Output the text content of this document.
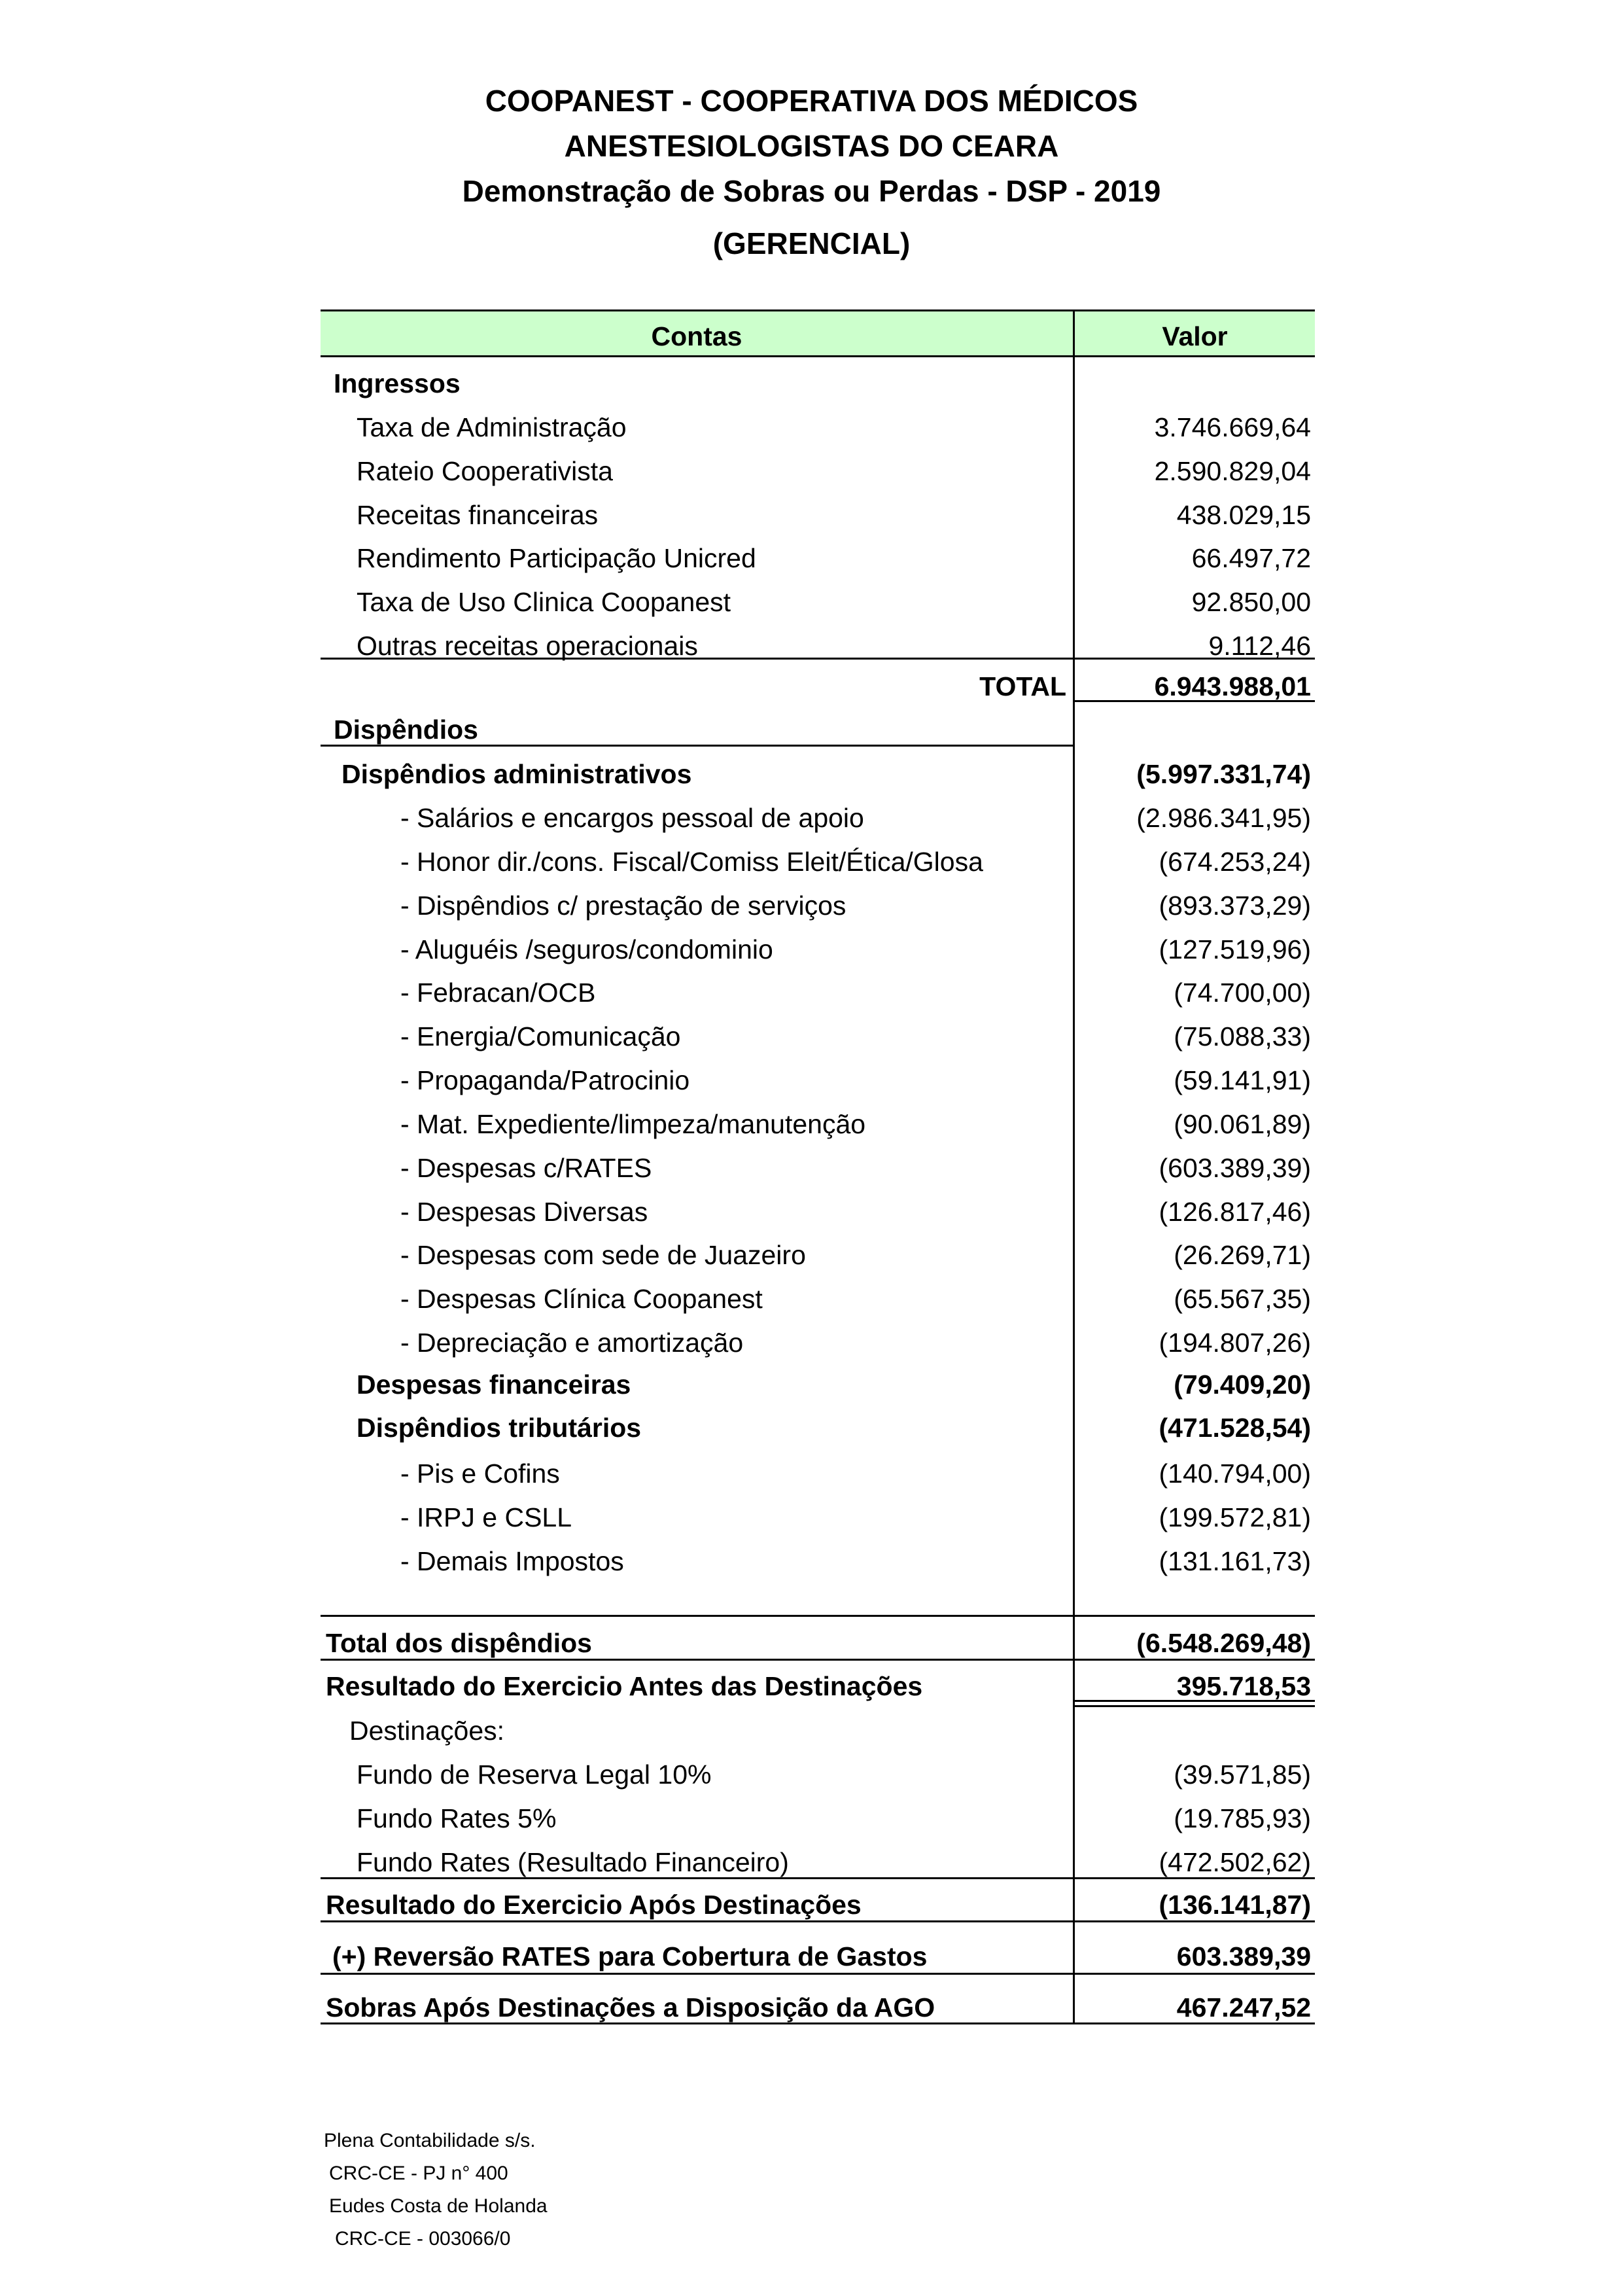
COOPANEST - COOPERATIVA DOS MÉDICOS
ANESTESIOLOGISTAS DO CEARA
Demonstração de Sobras ou Perdas - DSP - 2019
(GERENCIAL)
Contas	Valor
Ingressos
Taxa de Administração	3.746.669,64
Rateio Cooperativista	2.590.829,04
Receitas financeiras	438.029,15
Rendimento Participação Unicred	66.497,72
Taxa de Uso Clinica Coopanest	92.850,00
Outras receitas operacionais	9.112,46
TOTAL	6.943.988,01
Dispêndios
Dispêndios administrativos	(5.997.331,74)
- Salários e encargos pessoal de apoio	(2.986.341,95)
- Honor dir./cons. Fiscal/Comiss Eleit/Ética/Glosa	(674.253,24)
- Dispêndios c/ prestação de serviços	(893.373,29)
- Aluguéis /seguros/condominio	(127.519,96)
- Febracan/OCB	(74.700,00)
- Energia/Comunicação	(75.088,33)
- Propaganda/Patrocinio	(59.141,91)
- Mat. Expediente/limpeza/manutenção	(90.061,89)
- Despesas c/RATES	(603.389,39)
- Despesas Diversas	(126.817,46)
- Despesas com sede de Juazeiro	(26.269,71)
- Despesas Clínica Coopanest	(65.567,35)
- Depreciação e amortização	(194.807,26)
Despesas financeiras	(79.409,20)
Dispêndios tributários	(471.528,54)
- Pis e Cofins	(140.794,00)
- IRPJ e CSLL	(199.572,81)
- Demais Impostos	(131.161,73)
Total dos dispêndios	(6.548.269,48)
Resultado do Exercicio Antes das Destinações	395.718,53
Destinações:
Fundo de Reserva Legal 10%	(39.571,85)
Fundo Rates 5%	(19.785,93)
Fundo Rates (Resultado Financeiro)	(472.502,62)
Resultado do Exercicio Após Destinações	(136.141,87)
(+) Reversão RATES para Cobertura de Gastos	603.389,39
Sobras Após Destinações a Disposição da AGO	467.247,52
Plena Contabilidade s/s.
CRC-CE - PJ n° 400
Eudes Costa de Holanda
CRC-CE - 003066/0
